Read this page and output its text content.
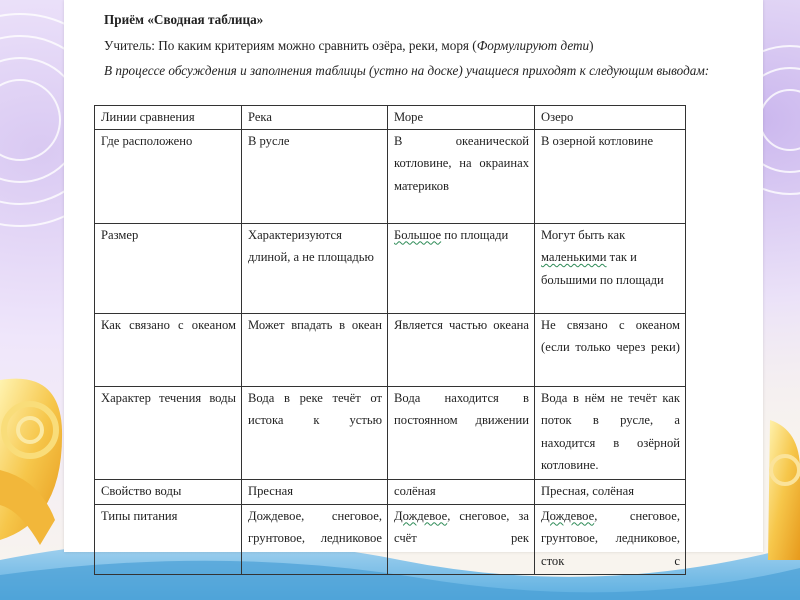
Приём «Сводная таблица»
Учитель: По каким критериям можно сравнить озёра, реки, моря (Формулируют дети)
В процессе обсуждения и заполнения таблицы (устно на доске) учащиеся приходят к следующим выводам:
Линии сравнения	Река	Море	Озеро
Где расположено	В русле	В океанической котловине, на окраинах материков	В озерной котловине
Размер	Характеризуются длиной, а не площадью	Большое по площади	Могут быть как маленькими так и большими по площади
Как связано с океаном	Может впадать в океан	Является частью океана	Не связано с океаном (если только через реки)
Характер течения воды	Вода в реке течёт от истока к устью	Вода находится в постоянном движении	Вода в нём не течёт как поток в русле, а находится в озёрной котловине.
Свойство воды	Пресная	солёная	Пресная, солёная
Типы питания	Дождевое, снеговое, грунтовое, ледниковое	Дождевое, снеговое, за счёт рек	Дождевое, снеговое, грунтовое, ледниковое, сток с
